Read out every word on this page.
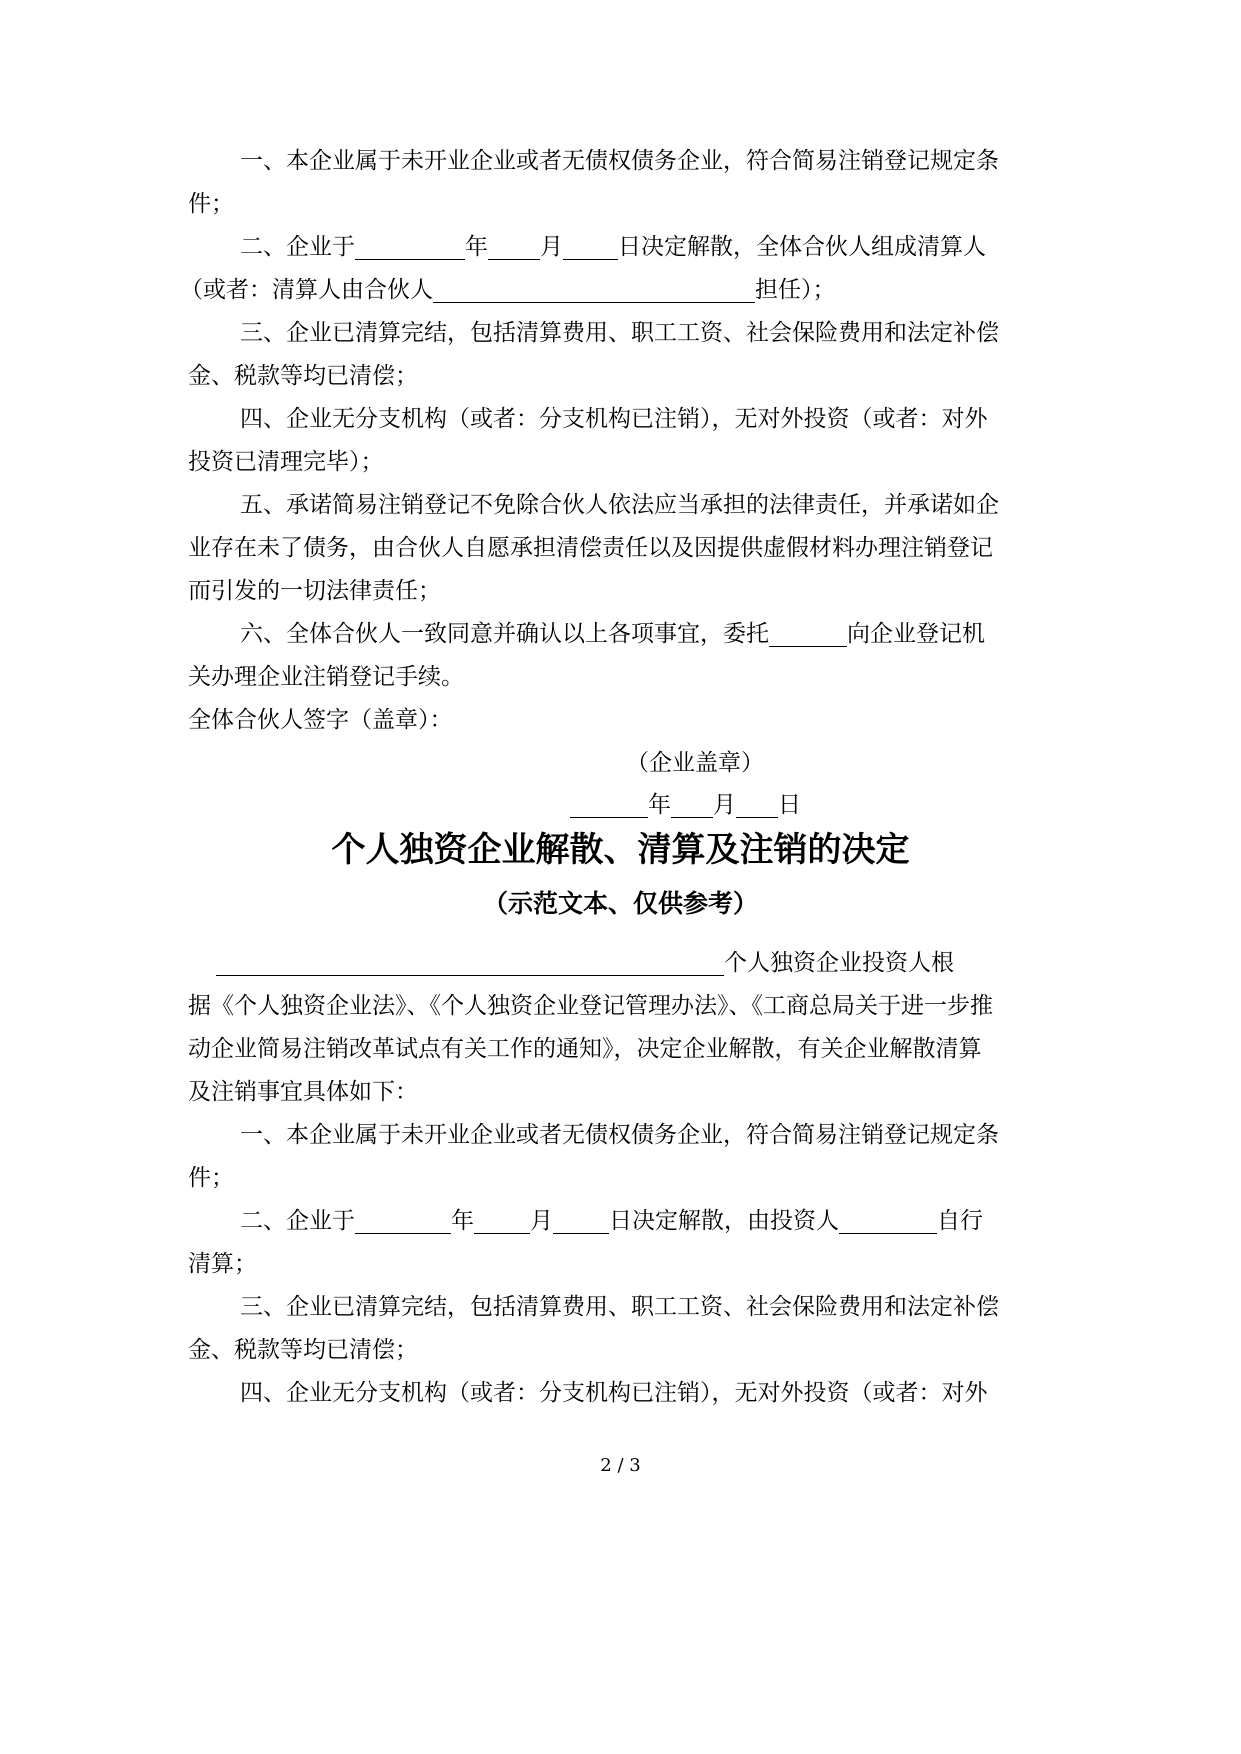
一、本企业属于未开业企业或者无债权债务企业，符合简易注销登记规定条
件；
二、企业于	年 月 日决定解散，全体合伙人组成清算人
（或者：清算人由合伙人	担任）；
三、企业已清算完结，包括清算费用、职工工资、社会保险费用和法定补偿
金、税款等均已清偿；
四、企业无分支机构（或者：分支机构已注销），无对外投资（或者：对外
投资已清理完毕）；
五、承诺简易注销登记不免除合伙人依法应当承担的法律责任，并承诺如企
业存在未了债务，由合伙人自愿承担清偿责任以及因提供虚假材料办理注销登记
而引发的一切法律责任；
六、全体合伙人一致同意并确认以上各项事宜，委托	向企业登记机
关办理企业注销登记手续。
全体合伙人签字（盖章）：
（企业盖章）
年 月 日
个人独资企业解散、清算及注销的决定
（示范文本、仅供参考）
个人独资企业投资人根
据《个人独资企业法》、《个人独资企业登记管理办法》、《工商总局关于进一步推
动企业简易注销改革试点有关工作的通知》，决定企业解散，有关企业解散清算
及注销事宜具体如下：
一、本企业属于未开业企业或者无债权债务企业，符合简易注销登记规定条
件；
二、企业于	年 月 日决定解散，由投资人	自行
清算；
三、企业已清算完结，包括清算费用、职工工资、社会保险费用和法定补偿
金、税款等均已清偿；
四、企业无分支机构（或者：分支机构已注销），无对外投资（或者：对外
2 / 3
